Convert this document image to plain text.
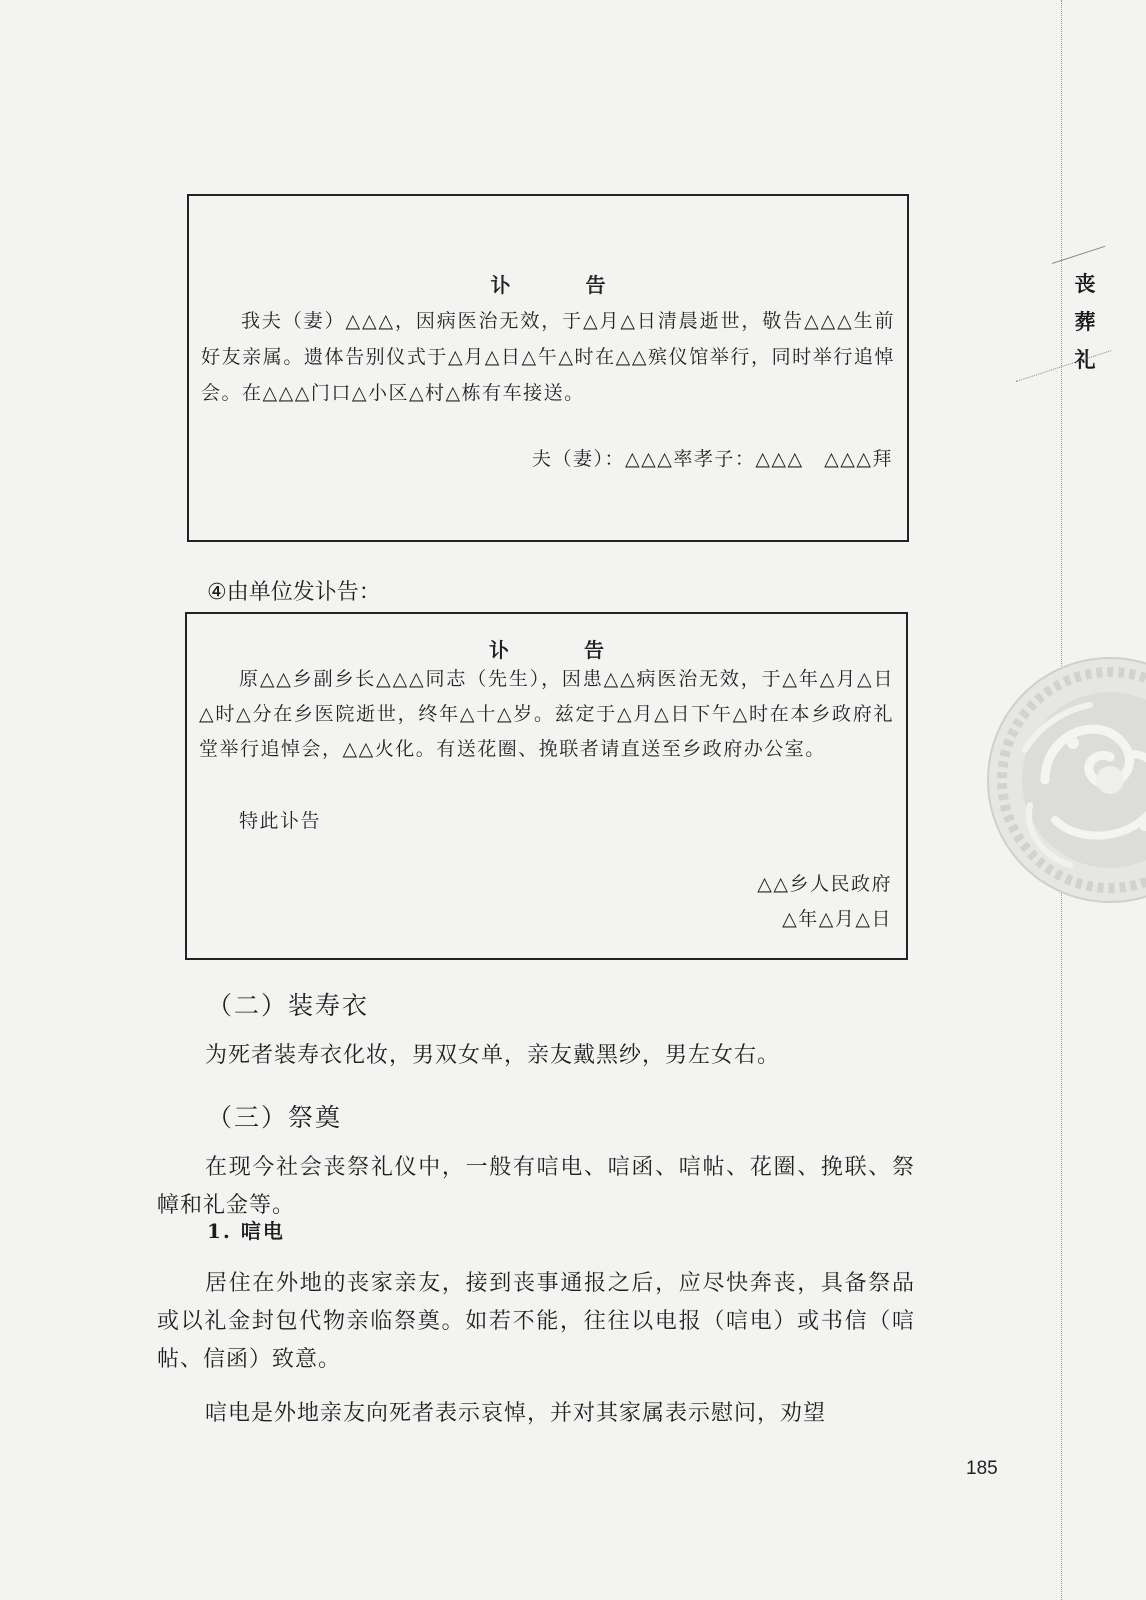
丧
葬
礼
讣 告

我夫（妻）△△△，因病医治无效，于△月△日清晨逝世，敬告△△△生前好友亲属。遗体告别仪式于△月△日△午△时在△△殡仪馆举行，同时举行追悼会。在△△△门口△小区△村△栋有车接送。

夫（妻）：△△△率孝子：△△△　△△△拜
④由单位发讣告：
讣 告

原△△乡副乡长△△△同志（先生），因患△△病医治无效，于△年△月△日△时△分在乡医院逝世，终年△十△岁。兹定于△月△日下午△时在本乡政府礼堂举行追悼会，△△火化。有送花圈、挽联者请直送至乡政府办公室。

特此讣告
△△乡人民政府
△年△月△日
（二）装寿衣

为死者装寿衣化妆，男双女单，亲友戴黑纱，男左女右。

（三）祭奠

在现今社会丧祭礼仪中，一般有唁电、唁函、唁帖、花圈、挽联、祭幛和礼金等。

1. 唁电

居住在外地的丧家亲友，接到丧事通报之后，应尽快奔丧，具备祭品或以礼金封包代物亲临祭奠。如若不能，往往以电报（唁电）或书信（唁帖、信函）致意。

唁电是外地亲友向死者表示哀悼，并对其家属表示慰问，劝望

185
